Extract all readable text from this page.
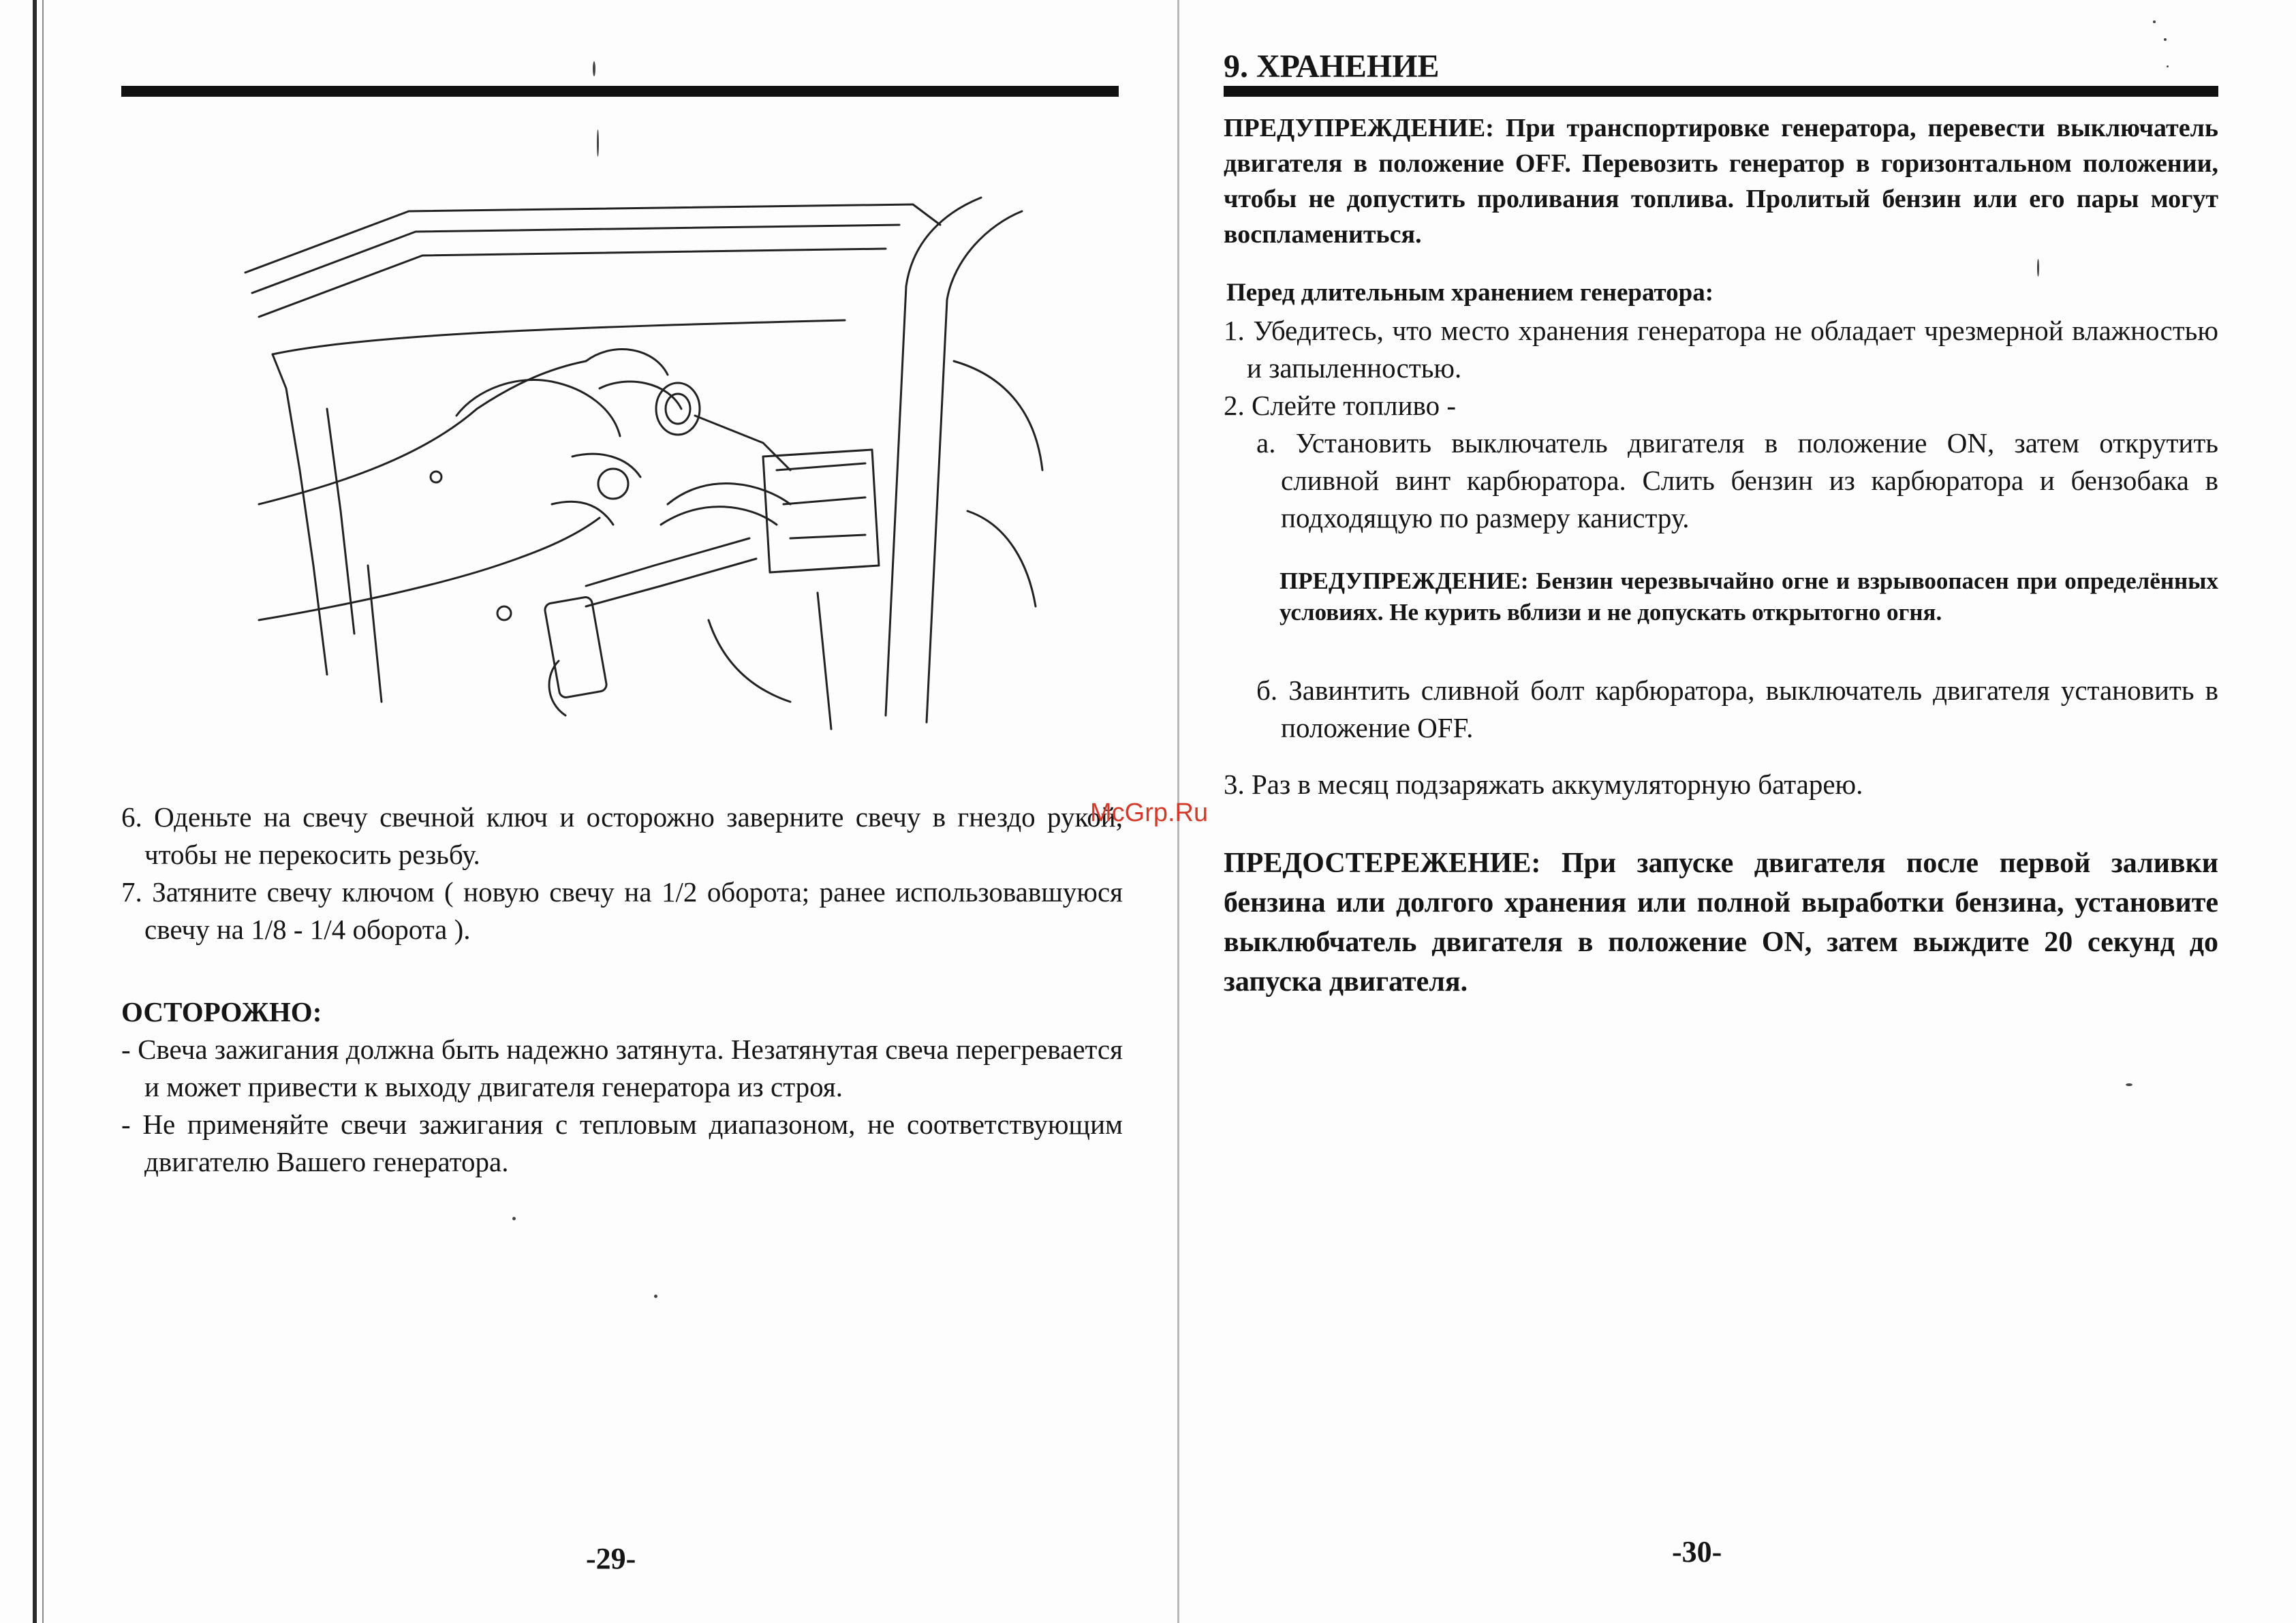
6. Оденьте на свечу свечной ключ и осторожно заверните свечу в гнездо рукой, чтобы не перекосить резьбу.

7. Затяните свечу ключом ( новую свечу на 1/2 оборота; ранее использовавшуюся свечу на 1/8 - 1/4 оборота ).

ОСТОРОЖНО:

- Свеча зажигания должна быть надежно затянута. Незатянутая свеча перегревается и может привести к выходу двигателя генератора из строя.

- Не применяйте свечи зажигания с тепловым диапазоном, не соответствующим двигателю Вашего генератора.

-29-
McGrp.Ru
9. ХРАНЕНИЕ
ПРЕДУПРЕЖДЕНИЕ: При транспортировке генератора, перевести выключатель двигателя в положение OFF. Перевозить генератор в горизонтальном положении, чтобы не допустить проливания топлива. Пролитый бензин или его пары могут воспламениться.
Перед длительным хранением генератора:

1. Убедитесь, что место хранения генератора не обладает чрезмерной влажностью и запыленностью.

2. Слейте топливо -

а. Установить выключатель двигателя в положение ON, затем открутить сливной винт карбюратора. Слить бензин из карбюратора и бензобака в подходящую по размеру канистру.

ПРЕДУПРЕЖДЕНИЕ: Бензин черезвычайно огне и взрывоопасен при определённых условиях. Не курить вблизи и не допускать открытогно огня.

б. Завинтить сливной болт карбюратора, выключатель двигателя установить в положение OFF.

3. Раз в месяц подзаряжать аккумуляторную батарею.
ПРЕДОСТЕРЕЖЕНИЕ: При запуске двигателя после первой заливки бензина или долгого хранения или полной выработки бензина, установите выклюбчатель двигателя в положение ON, затем выждите 20 секунд до запуска двигателя.
-30-
